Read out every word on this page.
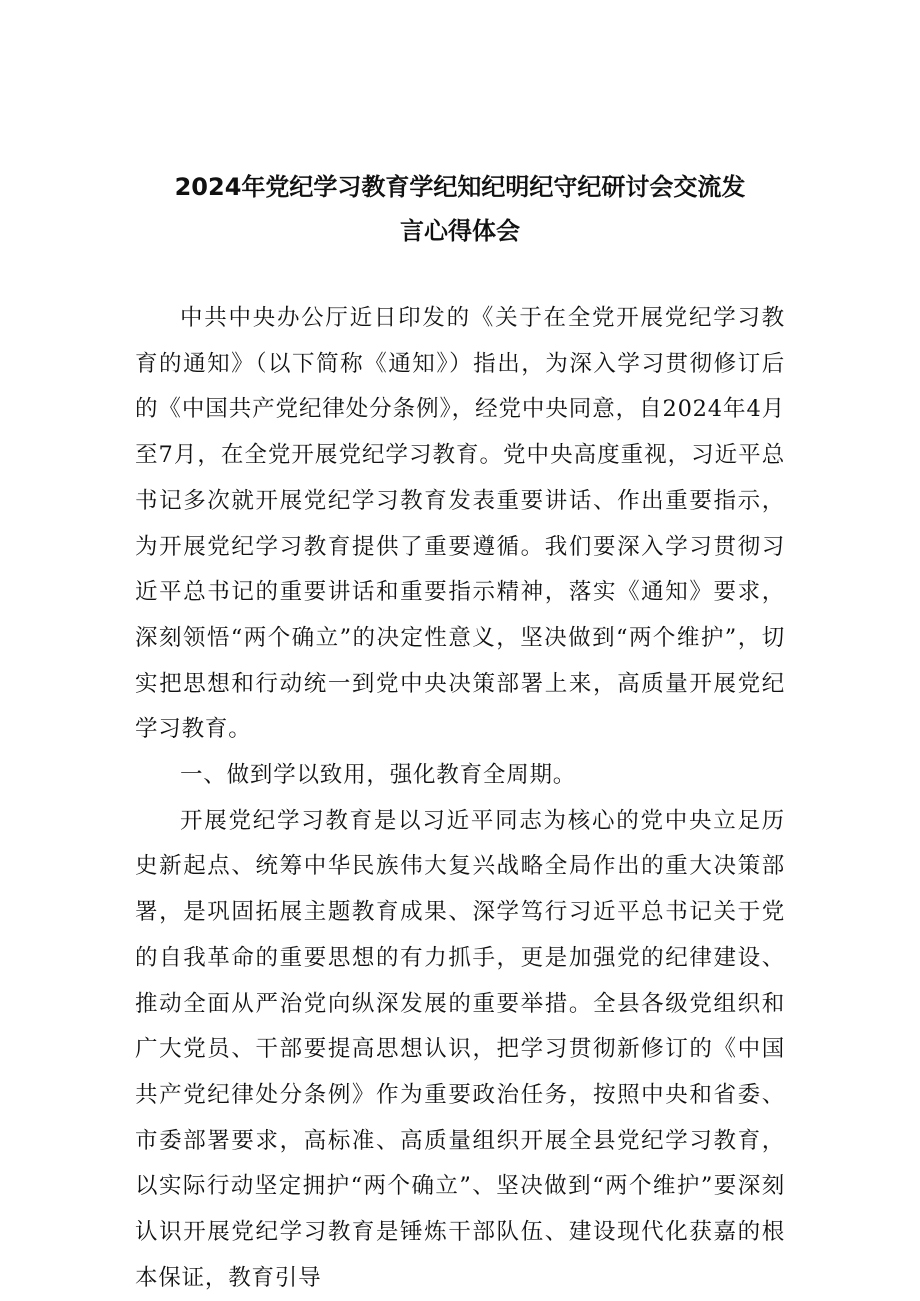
2024年党纪学习教育学纪知纪明纪守纪研讨会交流发
言心得体会

中共中央办公厅近日印发的《关于在全党开展党纪学习教育的通知》（以下简称《通知》）指出，为深入学习贯彻修订后的《中国共产党纪律处分条例》，经党中央同意，自2024年4月至7月，在全党开展党纪学习教育。党中央高度重视，习近平总书记多次就开展党纪学习教育发表重要讲话、作出重要指示，为开展党纪学习教育提供了重要遵循。我们要深入学习贯彻习近平总书记的重要讲话和重要指示精神，落实《通知》要求，深刻领悟“两个确立”的决定性意义，坚决做到“两个维护”，切实把思想和行动统一到党中央决策部署上来，高质量开展党纪学习教育。

一、做到学以致用，强化教育全周期。

开展党纪学习教育是以习近平同志为核心的党中央立足历史新起点、统筹中华民族伟大复兴战略全局作出的重大决策部署，是巩固拓展主题教育成果、深学笃行习近平总书记关于党的自我革命的重要思想的有力抓手，更是加强党的纪律建设、推动全面从严治党向纵深发展的重要举措。全县各级党组织和广大党员、干部要提高思想认识，把学习贯彻新修订的《中国共产党纪律处分条例》作为重要政治任务，按照中央和省委、市委部署要求，高标准、高质量组织开展全县党纪学习教育，以实际行动坚定拥护“两个确立”、坚决做到“两个维护”要深刻认识开展党纪学习教育是锤炼干部队伍、建设现代化获嘉的根本保证，教育引导
